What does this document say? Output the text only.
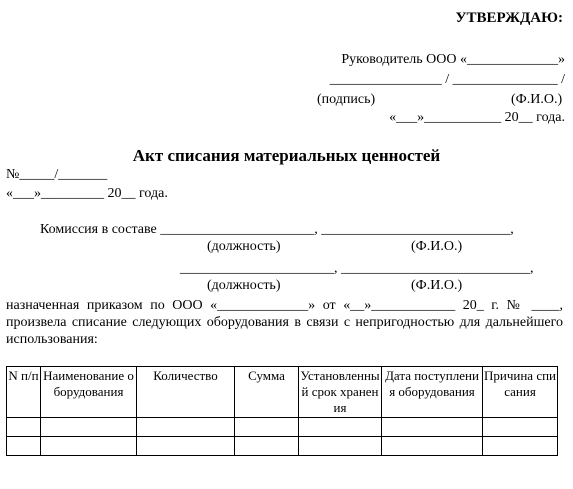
УТВЕРЖДАЮ:
Руководитель ООО «_____________»
________________ / _______________ /
(подпись)	(Ф.И.О.)
«___»___________ 20__ года.
Акт списания материальных ценностей
№_____/_______
«___»_________ 20__ года.
Комиссия в составе ______________________, ___________________________,
(должность)	(Ф.И.О.)
______________________, ___________________________,
(должность)	(Ф.И.О.)
назначенная приказом по ООО «_____________» от «__»____________ 20_ г. № ____, произвела списание следующих оборудования в связи с непригодностью для дальнейшего использования:
N п/п	Наименование оборудования	Количество	Сумма	Установленный срок хранения	Дата поступления оборудования	Причина списания
